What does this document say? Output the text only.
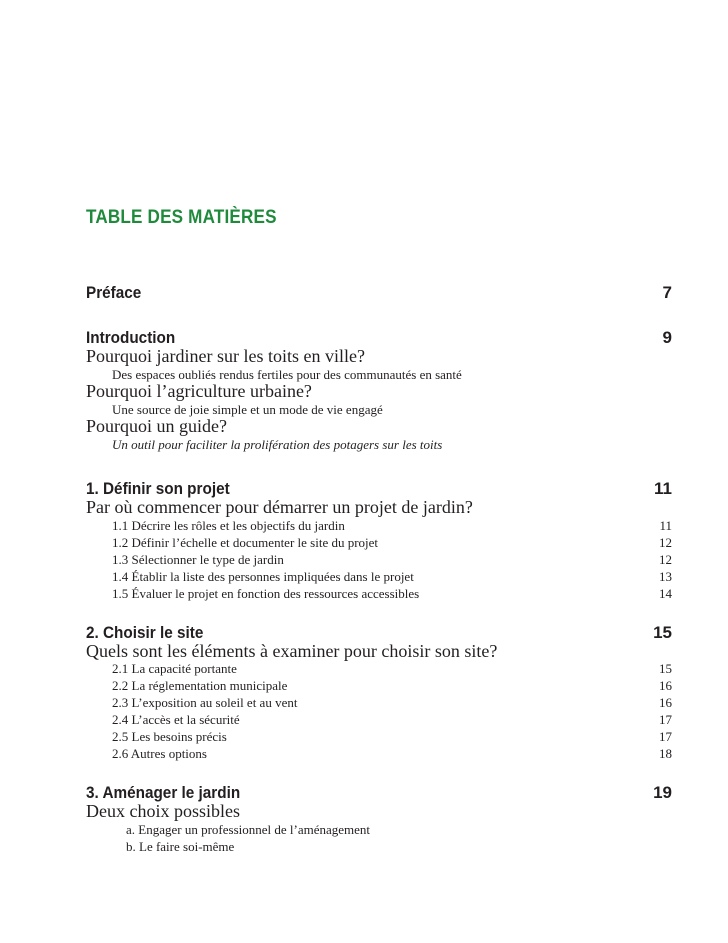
TABLE DES MATIÈRES
Préface	7
Introduction	9
Pourquoi jardiner sur les toits en ville?
Des espaces oubliés rendus fertiles pour des communautés en santé
Pourquoi l’agriculture urbaine?
Une source de joie simple et un mode de vie engagé
Pourquoi un guide?
Un outil pour faciliter la prolifération des potagers sur les toits
1. Définir son projet	11
Par où commencer pour démarrer un projet de jardin?
1.1 Décrire les rôles et les objectifs du jardin	11
1.2 Définir l’échelle et documenter le site du projet	12
1.3 Sélectionner le type de jardin	12
1.4 Établir la liste des personnes impliquées dans le projet	13
1.5 Évaluer le projet en fonction des ressources accessibles	14
2. Choisir le site	15
Quels sont les éléments à examiner pour choisir son site?
2.1 La capacité portante	15
2.2 La réglementation municipale	16
2.3 L’exposition au soleil et au vent	16
2.4 L’accès et la sécurité	17
2.5 Les besoins précis	17
2.6 Autres options	18
3. Aménager le jardin	19
Deux choix possibles
a. Engager un professionnel de l’aménagement
b. Le faire soi-même
